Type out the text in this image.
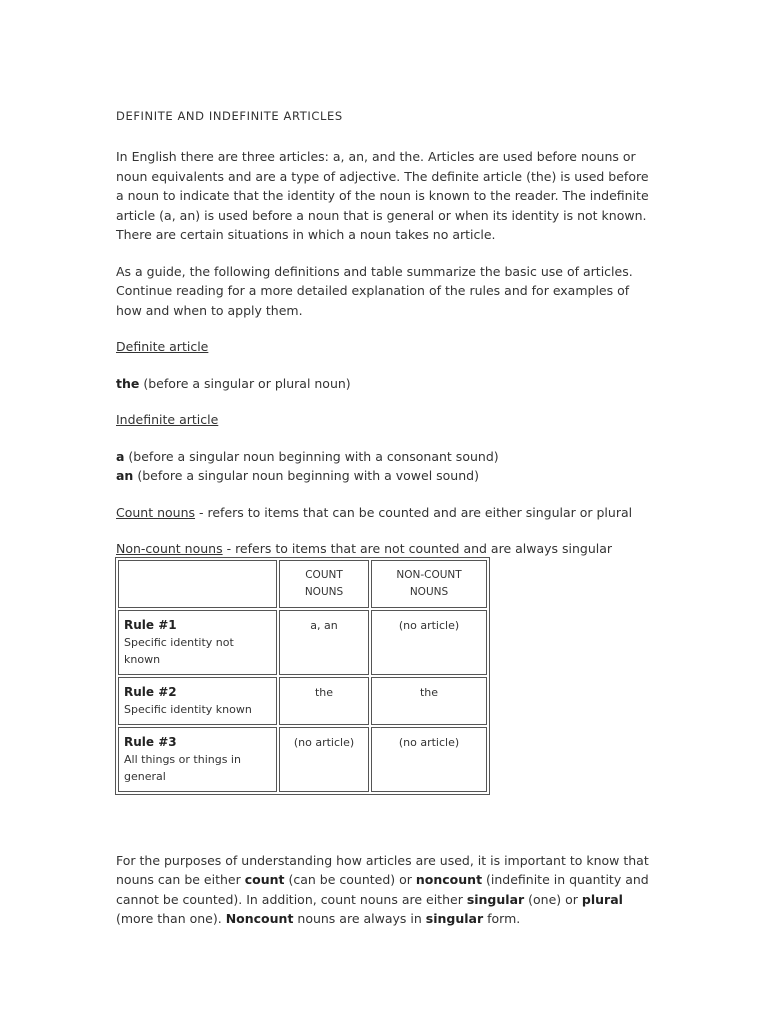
DEFINITE AND INDEFINITE ARTICLES

In English there are three articles: a, an, and the. Articles are used before nouns or noun equivalents and are a type of adjective. The definite article (the) is used before a noun to indicate that the identity of the noun is known to the reader. The indefinite article (a, an) is used before a noun that is general or when its identity is not known. There are certain situations in which a noun takes no article.

As a guide, the following definitions and table summarize the basic use of articles. Continue reading for a more detailed explanation of the rules and for examples of how and when to apply them.

Definite article

the (before a singular or plural noun)

Indefinite article

a (before a singular noun beginning with a consonant sound)

an (before a singular noun beginning with a vowel sound)

Count nouns - refers to items that can be counted and are either singular or plural

Non-count nouns - refers to items that are not counted and are always singular

	COUNT NOUNS	NON-COUNT NOUNS

Rule #1
Specific identity not known	a, an	(no article)

Rule #2
Specific identity known	the	the

Rule #3
All things or things in general	(no article)	(no article)

For the purposes of understanding how articles are used, it is important to know that nouns can be either count (can be counted) or noncount (indefinite in quantity and cannot be counted). In addition, count nouns are either singular (one) or plural (more than one). Noncount nouns are always in singular form.
